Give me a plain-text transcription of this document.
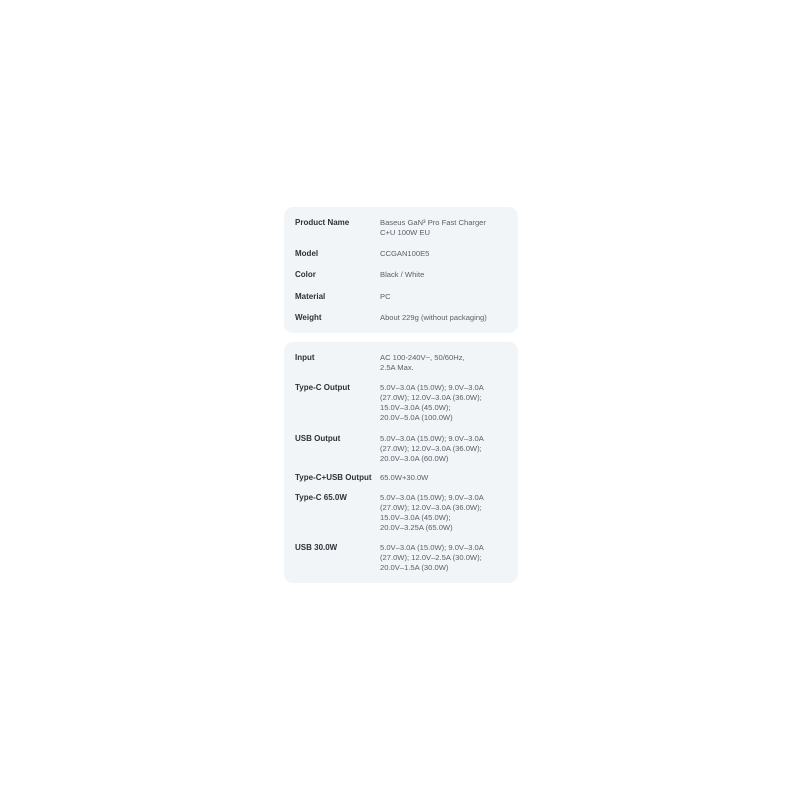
Product Name	Baseus GaN³ Pro Fast Charger
C+U 100W EU
Model	CCGAN100E5
Color	Black / White
Material	PC
Weight	About 229g (without packaging)
Input	AC 100-240V~, 50/60Hz,
2.5A Max.
Type-C Output	5.0V–3.0A (15.0W); 9.0V–3.0A
(27.0W); 12.0V–3.0A (36.0W);
15.0V–3.0A (45.0W);
20.0V–5.0A (100.0W)
USB Output	5.0V–3.0A (15.0W); 9.0V–3.0A
(27.0W); 12.0V–3.0A (36.0W);
20.0V–3.0A (60.0W)
Type-C+USB Output 65.0W+30.0W
Type-C 65.0W	5.0V–3.0A (15.0W); 9.0V–3.0A
(27.0W); 12.0V–3.0A (36.0W);
15.0V–3.0A (45.0W);
20.0V–3.25A (65.0W)
USB 30.0W	5.0V–3.0A (15.0W); 9.0V–3.0A
(27.0W); 12.0V–2.5A (30.0W);
20.0V–1.5A (30.0W)
